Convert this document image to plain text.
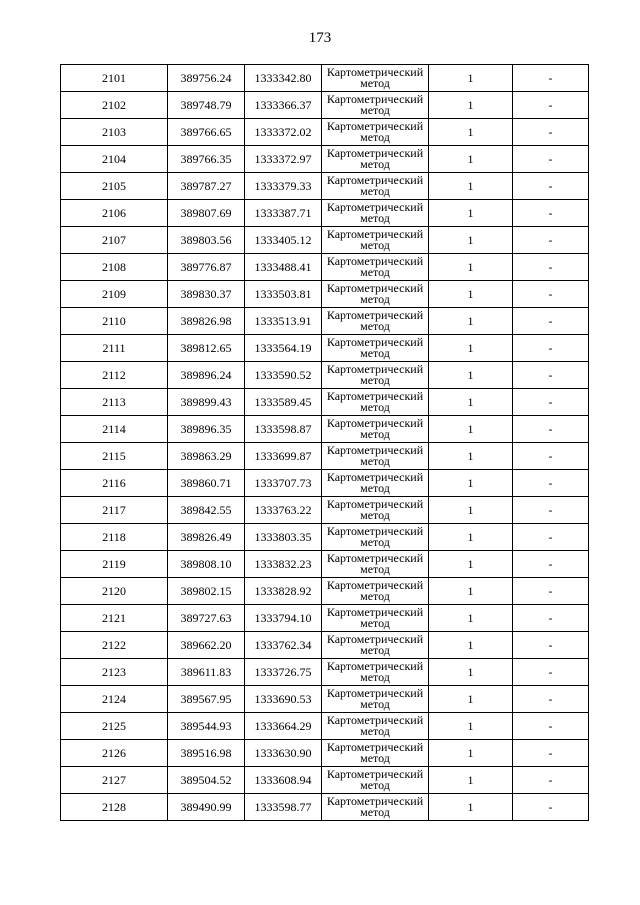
173
2101	389756.24	1333342.80	Картометрический
метод	1	-
2102	389748.79	1333366.37	Картометрический
метод	1	-
2103	389766.65	1333372.02	Картометрический
метод	1	-
2104	389766.35	1333372.97	Картометрический
метод	1	-
2105	389787.27	1333379.33	Картометрический
метод	1	-
2106	389807.69	1333387.71	Картометрический
метод	1	-
2107	389803.56	1333405.12	Картометрический
метод	1	-
2108	389776.87	1333488.41	Картометрический
метод	1	-
2109	389830.37	1333503.81	Картометрический
метод	1	-
2110	389826.98	1333513.91	Картометрический
метод	1	-
2111	389812.65	1333564.19	Картометрический
метод	1	-
2112	389896.24	1333590.52	Картометрический
метод	1	-
2113	389899.43	1333589.45	Картометрический
метод	1	-
2114	389896.35	1333598.87	Картометрический
метод	1	-
2115	389863.29	1333699.87	Картометрический
метод	1	-
2116	389860.71	1333707.73	Картометрический
метод	1	-
2117	389842.55	1333763.22	Картометрический
метод	1	-
2118	389826.49	1333803.35	Картометрический
метод	1	-
2119	389808.10	1333832.23	Картометрический
метод	1	-
2120	389802.15	1333828.92	Картометрический
метод	1	-
2121	389727.63	1333794.10	Картометрический
метод	1	-
2122	389662.20	1333762.34	Картометрический
метод	1	-
2123	389611.83	1333726.75	Картометрический
метод	1	-
2124	389567.95	1333690.53	Картометрический
метод	1	-
2125	389544.93	1333664.29	Картометрический
метод	1	-
2126	389516.98	1333630.90	Картометрический
метод	1	-
2127	389504.52	1333608.94	Картометрический
метод	1	-
2128	389490.99	1333598.77	Картометрический
метод	1	-
